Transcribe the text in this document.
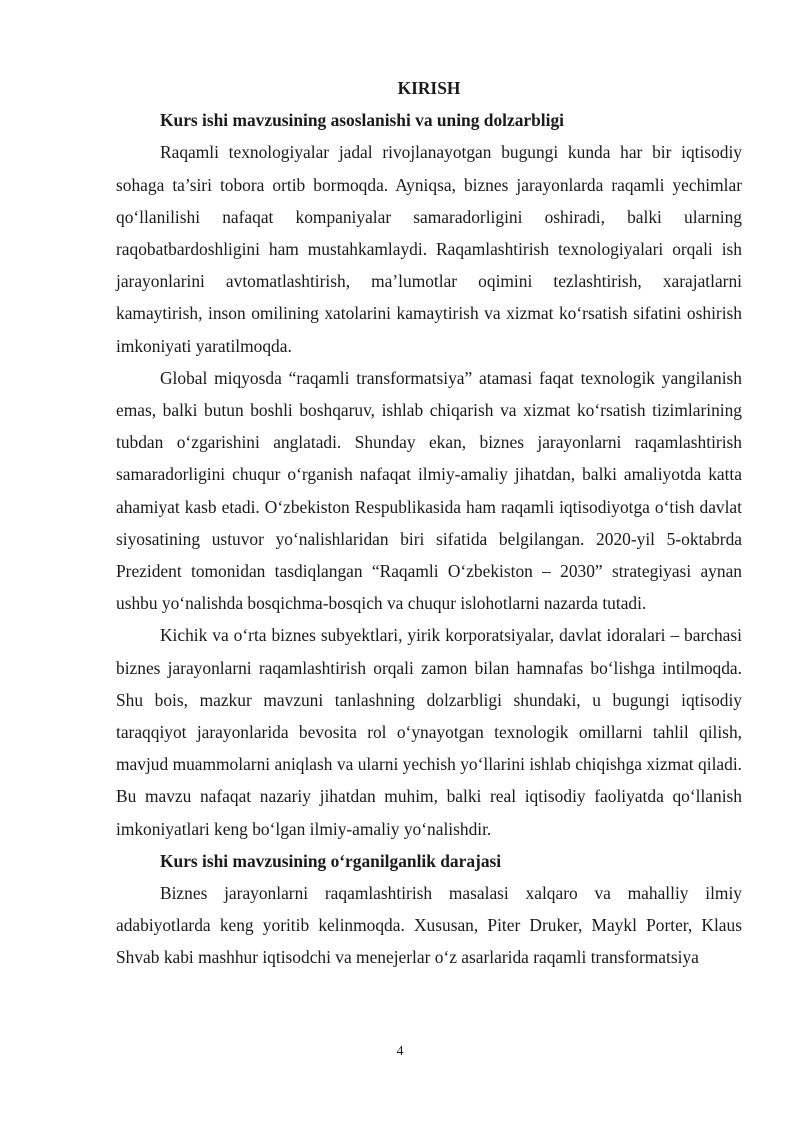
KIRISH

Kurs ishi mavzusining asoslanishi va uning dolzarbligi

Raqamli texnologiyalar jadal rivojlanayotgan bugungi kunda har bir iqtisodiy sohaga ta’siri tobora ortib bormoqda. Ayniqsa, biznes jarayonlarda raqamli yechimlar qo‘llanilishi nafaqat kompaniyalar samaradorligini oshiradi, balki ularning raqobatbardoshligini ham mustahkamlaydi. Raqamlashtirish texnologiyalari orqali ish jarayonlarini avtomatlashtirish, ma’lumotlar oqimini tezlashtirish, xarajatlarni kamaytirish, inson omilining xatolarini kamaytirish va xizmat ko‘rsatish sifatini oshirish imkoniyati yaratilmoqda.

Global miqyosda “raqamli transformatsiya” atamasi faqat texnologik yangilanish emas, balki butun boshli boshqaruv, ishlab chiqarish va xizmat ko‘rsatish tizimlarining tubdan o‘zgarishini anglatadi. Shunday ekan, biznes jarayonlarni raqamlashtirish samaradorligini chuqur o‘rganish nafaqat ilmiy-amaliy jihatdan, balki amaliyotda katta ahamiyat kasb etadi. O‘zbekiston Respublikasida ham raqamli iqtisodiyotga o‘tish davlat siyosatining ustuvor yo‘nalishlaridan biri sifatida belgilangan. 2020-yil 5-oktabrda Prezident tomonidan tasdiqlangan “Raqamli O‘zbekiston – 2030” strategiyasi aynan ushbu yo‘nalishda bosqichma-bosqich va chuqur islohotlarni nazarda tutadi.

Kichik va o‘rta biznes subyektlari, yirik korporatsiyalar, davlat idoralari – barchasi biznes jarayonlarni raqamlashtirish orqali zamon bilan hamnafas bo‘lishga intilmoqda. Shu bois, mazkur mavzuni tanlashning dolzarbligi shundaki, u bugungi iqtisodiy taraqqiyot jarayonlarida bevosita rol o‘ynayotgan texnologik omillarni tahlil qilish, mavjud muammolarni aniqlash va ularni yechish yo‘llarini ishlab chiqishga xizmat qiladi. Bu mavzu nafaqat nazariy jihatdan muhim, balki real iqtisodiy faoliyatda qo‘llanish imkoniyatlari keng bo‘lgan ilmiy-amaliy yo‘nalishdir.

Kurs ishi mavzusining o‘rganilganlik darajasi

Biznes jarayonlarni raqamlashtirish masalasi xalqaro va mahalliy ilmiy adabiyotlarda keng yoritib kelinmoqda. Xususan, Piter Druker, Maykl Porter, Klaus Shvab kabi mashhur iqtisodchi va menejerlar o‘z asarlarida raqamli transformatsiya

4
